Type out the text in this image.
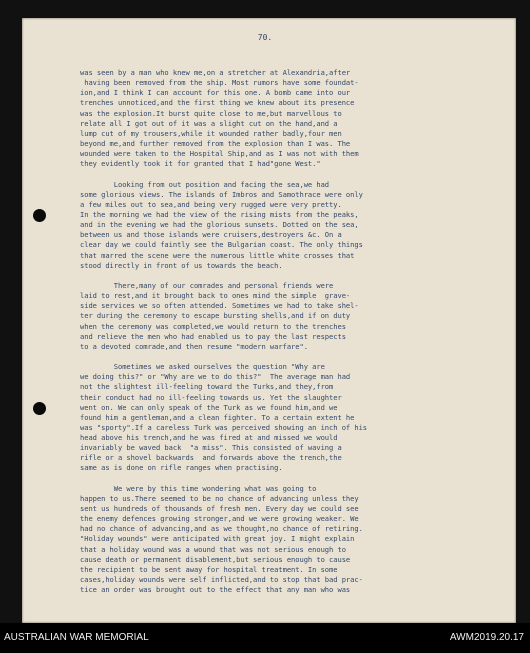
70.
was seen by a man who knew me,on a stretcher at Alexandria,after
having been removed from the ship. Most rumors have some foundat-
ion,and I think I can account for this one. A bomb came into our
trenches unnoticed,and the first thing we knew about its presence
was the explosion.It burst quite close to me,but marvellous to
relate all I got out of it was a slight cut on the hand,and a
lump cut of my trousers,while it wounded rather badly,four men
beyond me,and further removed from the explosion than I was. The
wounded were taken to the Hospital Ship,and as I was not with them
they evidently took it for granted that I had"gone West."
Looking from out position and facing the sea,we had
some glorious views. The islands of Imbros and Samothrace were only
a few miles out to sea,and being very rugged were very pretty.
In the morning we had the view of the rising mists from the peaks,
and in the evening we had the glorious sunsets. Dotted on the sea,
between us and those islands were cruisers,destroyers &c. On a
clear day we could faintly see the Bulgarian coast. The only things
that marred the scene were the numerous little white crosses that
stood directly in front of us towards the beach.
There,many of our comrades and personal friends were
laid to rest,and it brought back to ones mind the simple  grave-
side services we so often attended. Sometimes we had to take shel-
ter during the ceremony to escape bursting shells,and if on duty
when the ceremony was completed,we would return to the trenches
and relieve the men who had enabled us to pay the last respects
to a devoted comrade,and then resume "modern warfare".
Sometimes we asked ourselves the question "Why are
we doing this?" or "Why are we to do this?"  The average man had
not the slightest ill-feeling toward the Turks,and they,from
their conduct had no ill-feeling towards us. Yet the slaughter
went on. We can only speak of the Turk as we found him,and we
found him a gentleman,and a clean fighter. To a certain extent he
was "sporty".If a careless Turk was perceived showing an inch of his
head above his trench,and he was fired at and missed we would
invariably be waved back  "a miss". This consisted of waving a
rifle or a shovel backwards  and forwards above the trench,the
same as is done on rifle ranges when practising.
We were by this time wondering what was going to
happen to us.There seemed to be no chance of advancing unless they
sent us hundreds of thousands of fresh men. Every day we could see
the enemy defences growing stronger,and we were growing weaker. We
had no chance of advancing,and as we thought,no chance of retiring.
"Holiday wounds" were anticipated with great joy. I might explain
that a holiday wound was a wound that was not serious enough to
cause death or permanent disablement,but serious enough to cause
the recipient to be sent away for hospital treatment. In some
cases,holiday wounds were self inflicted,and to stop that bad prac-
tice an order was brought out to the effect that any man who was
AUSTRALIAN WAR MEMORIAL	AWM2019.20.17
